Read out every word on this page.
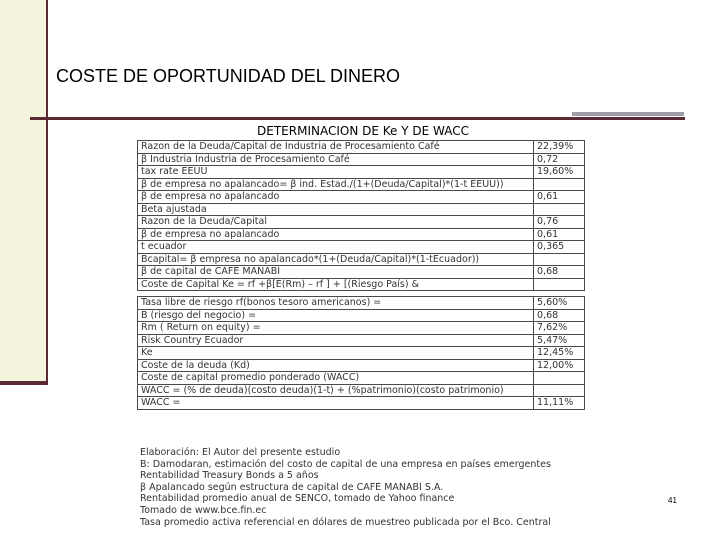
COSTE DE OPORTUNIDAD DEL DINERO
DETERMINACION DE Ke Y DE WACC
Razon de la Deuda/Capital de Industria de Procesamiento Café	22,39%
β Industria Industria de Procesamiento Café	0,72
tax rate EEUU	19,60%
β de empresa no apalancado= β ind. Estad./(1+(Deuda/Capital)*(1-t EEUU))	
β de empresa no apalancado	0,61
Beta ajustada	
Razon de la Deuda/Capital	0,76
β de empresa no apalancado	0,61
t ecuador	0,365
Bcapital= β empresa no apalancado*(1+(Deuda/Capital)*(1-tEcuador))	
β de capital de CAFÉ MANABÍ	0,68
Coste de Capital Ke = rf +β[E(Rm) – rf ] + [(Riesgo País) &	

Tasa libre de riesgo rf(bonos tesoro americanos) =	5,60%
Β (riesgo del negocio) =	0,68
Rm ( Return on equity) =	7,62%
Risk Country Ecuador	5,47%
Ke	12,45%
Coste de la deuda (Kd)	12,00%
Coste de capital promedio ponderado (WACC)	
WACC = (% de deuda)(costo deuda)(1-t) + (%patrimonio)(costo patrimonio)	
WACC =	11,11%
Elaboración: El Autor del presente estudio
B: Damodaran, estimación del costo de capital de una empresa en países emergentes
Rentabilidad Treasury Bonds a 5 años
β Apalancado según estructura de capital de CAFÉ MANABÍ S.A.
Rentabilidad promedio anual de SENCO, tomado de Yahoo finance
Tomado de www.bce.fin.ec
Tasa promedio activa referencial en dólares de muestreo publicada por el Bco. Central
41
